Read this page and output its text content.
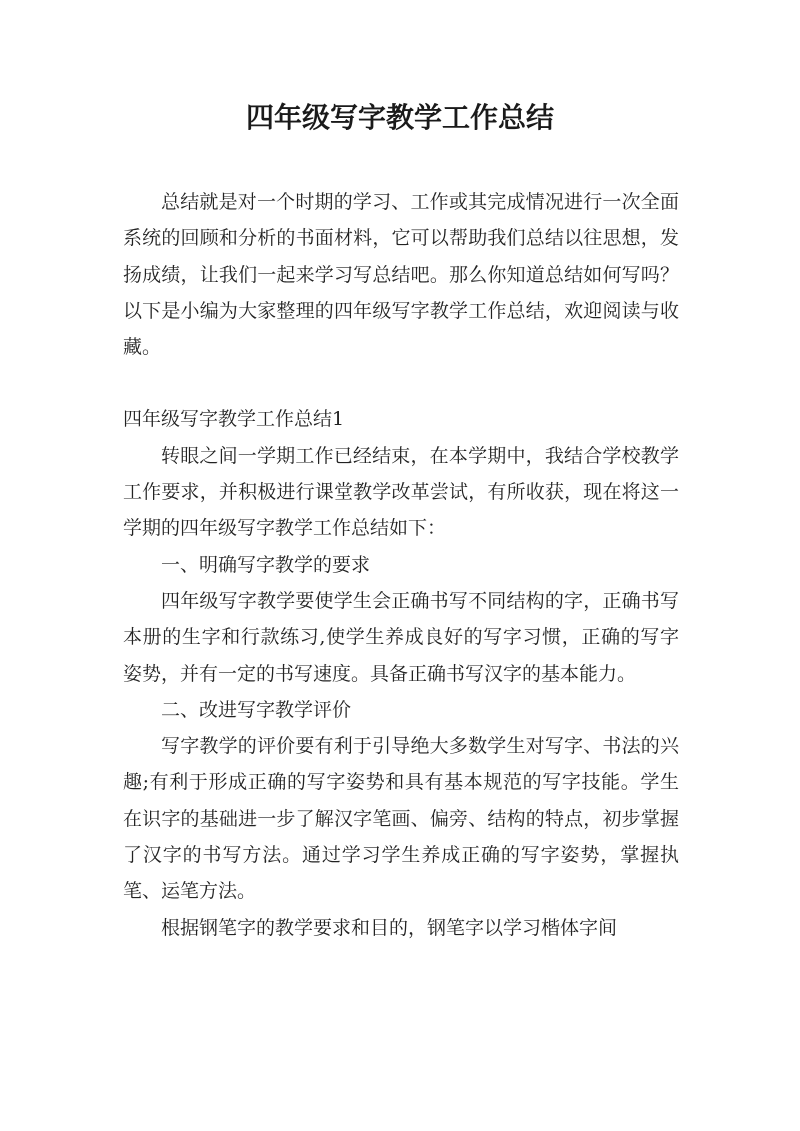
四年级写字教学工作总结

总结就是对一个时期的学习、工作或其完成情况进行一次全面系统的回顾和分析的书面材料，它可以帮助我们总结以往思想，发扬成绩，让我们一起来学习写总结吧。那么你知道总结如何写吗？以下是小编为大家整理的四年级写字教学工作总结，欢迎阅读与收藏。

四年级写字教学工作总结1

转眼之间一学期工作已经结束，在本学期中，我结合学校教学工作要求，并积极进行课堂教学改革尝试，有所收获，现在将这一学期的四年级写字教学工作总结如下：

一、明确写字教学的要求

四年级写字教学要使学生会正确书写不同结构的字，正确书写本册的生字和行款练习,使学生养成良好的写字习惯，正确的写字姿势，并有一定的书写速度。具备正确书写汉字的基本能力。

二、改进写字教学评价

写字教学的评价要有利于引导绝大多数学生对写字、书法的兴趣;有利于形成正确的写字姿势和具有基本规范的写字技能。学生在识字的基础进一步了解汉字笔画、偏旁、结构的特点，初步掌握了汉字的书写方法。通过学习学生养成正确的写字姿势，掌握执笔、运笔方法。

根据钢笔字的教学要求和目的，钢笔字以学习楷体字间
